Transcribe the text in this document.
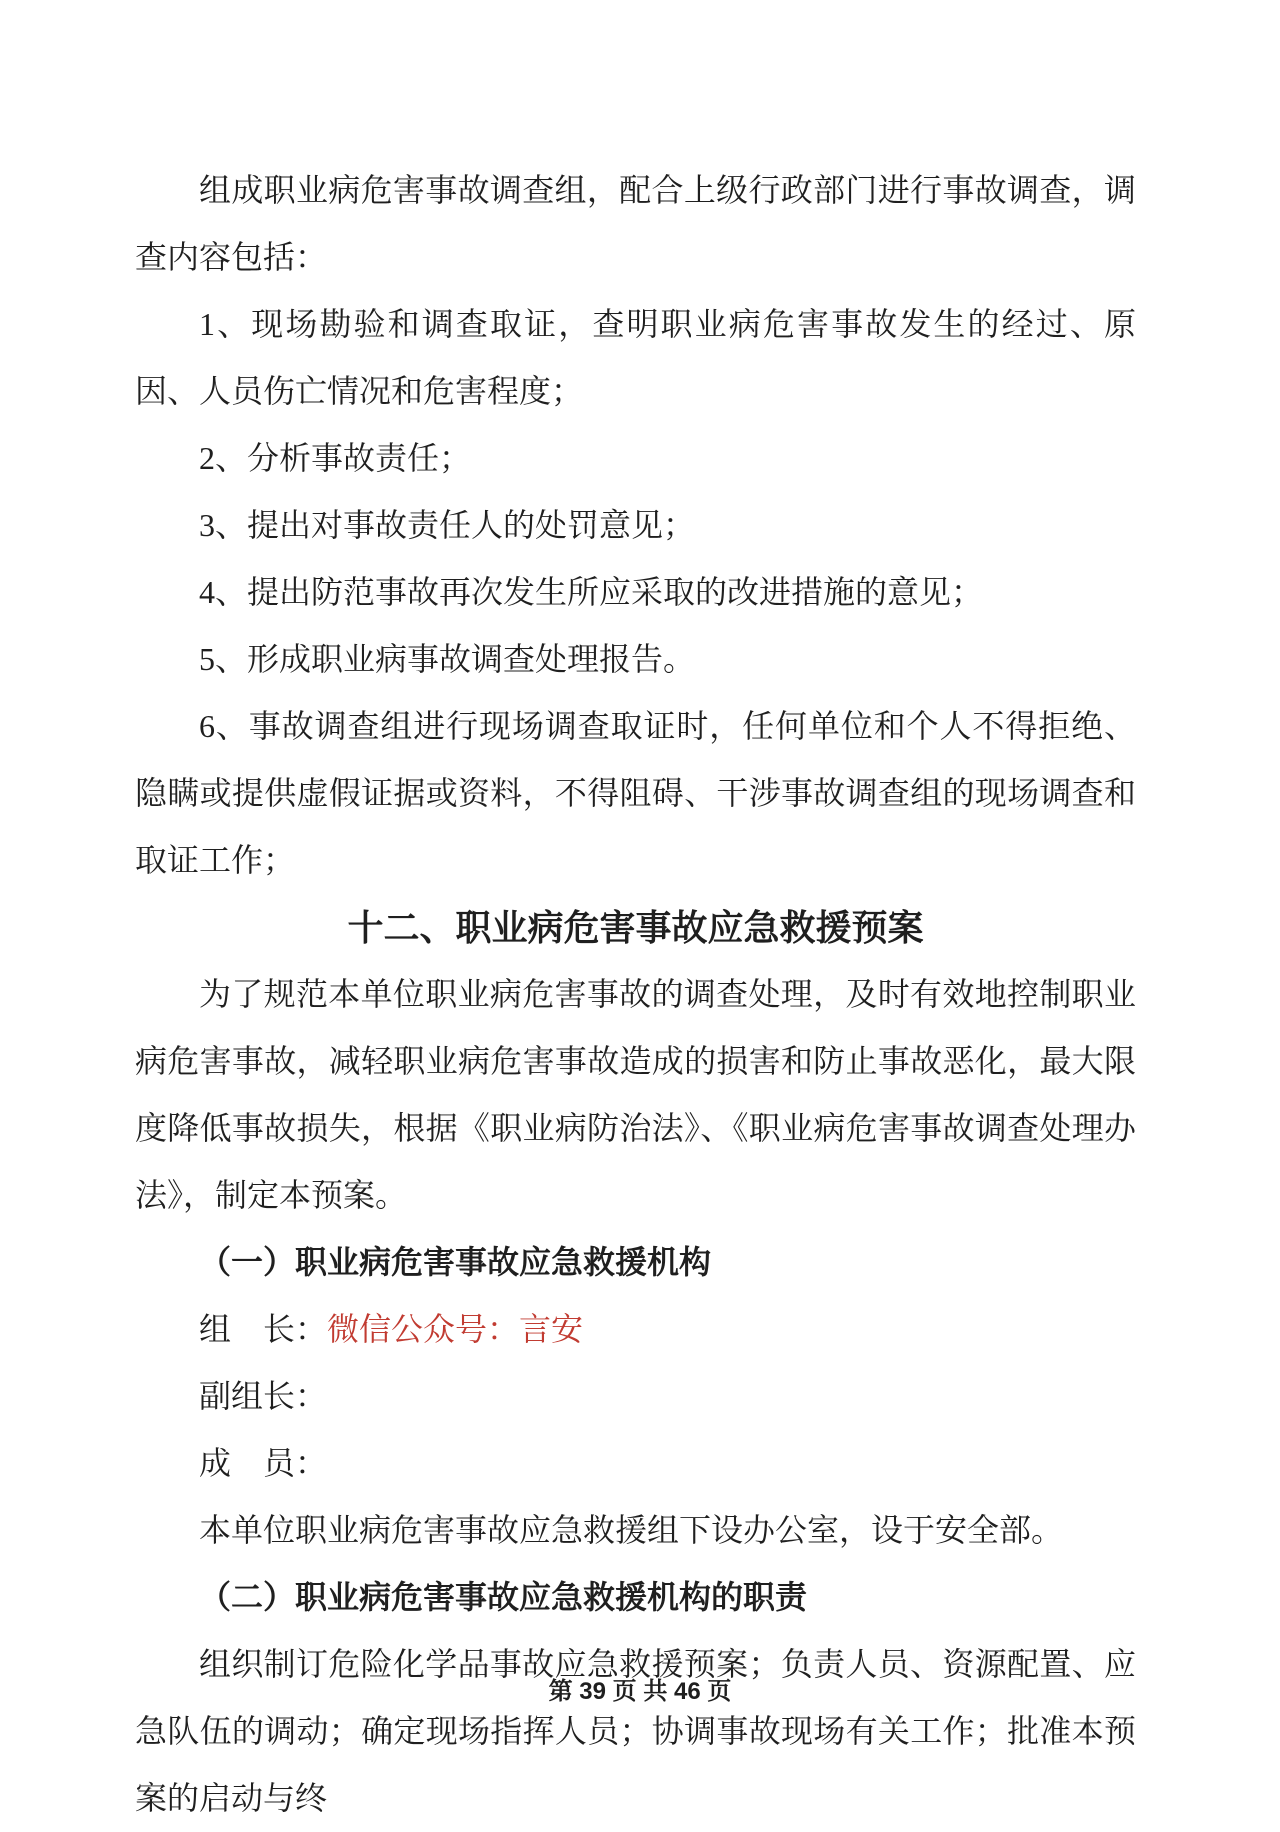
组成职业病危害事故调查组，配合上级行政部门进行事故调查，调查内容包括：

1、现场勘验和调查取证，查明职业病危害事故发生的经过、原因、人员伤亡情况和危害程度；

2、分析事故责任；

3、提出对事故责任人的处罚意见；

4、提出防范事故再次发生所应采取的改进措施的意见；

5、形成职业病事故调查处理报告。

6、事故调查组进行现场调查取证时，任何单位和个人不得拒绝、隐瞒或提供虚假证据或资料，不得阻碍、干涉事故调查组的现场调查和取证工作；

十二、职业病危害事故应急救援预案

为了规范本单位职业病危害事故的调查处理，及时有效地控制职业病危害事故，减轻职业病危害事故造成的损害和防止事故恶化，最大限度降低事故损失，根据《职业病防治法》、《职业病危害事故调查处理办法》，制定本预案。

（一）职业病危害事故应急救援机构

组　长：微信公众号：言安

副组长：

成　员：

本单位职业病危害事故应急救援组下设办公室，设于安全部。

（二）职业病危害事故应急救援机构的职责

组织制订危险化学品事故应急救援预案；负责人员、资源配置、应急队伍的调动；确定现场指挥人员；协调事故现场有关工作；批准本预案的启动与终

第 39 页 共 46 页
